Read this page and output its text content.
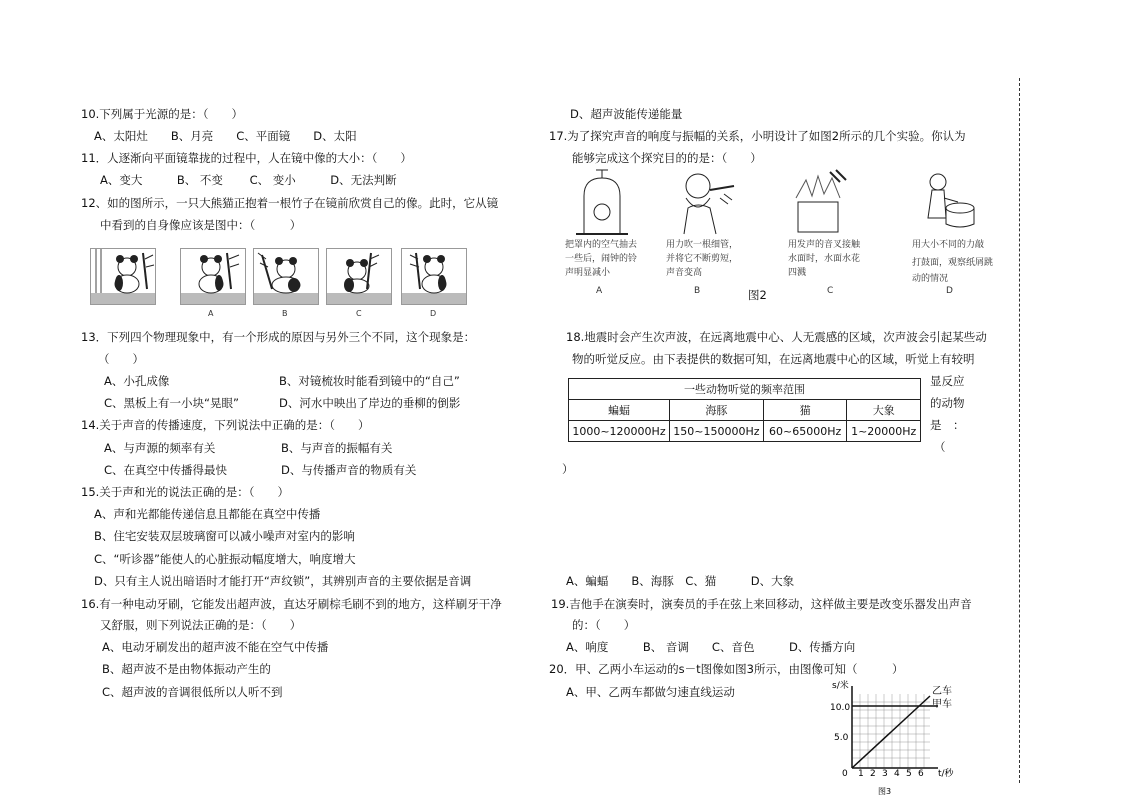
10.下列属于光源的是：（　　）
A、太阳灶　　B、月亮　　C、平面镜　　D、太阳
11．人逐渐向平面镜靠拢的过程中，人在镜中像的大小：（　　）
A、变大　　　B、 不变　　 C、 变小　　　D、无法判断
12、如的图所示，一只大熊猫正抱着一根竹子在镜前欣赏自己的像。此时，它从镜
中看到的自身像应该是图中：（　　　）
A	B	C	D
13．下列四个物理现象中，有一个形成的原因与另外三个不同，这个现象是：
（　　）
A、小孔成像	B、对镜梳妆时能看到镜中的“自己”
C、黑板上有一小块“晃眼”	D、河水中映出了岸边的垂柳的倒影
14.关于声音的传播速度，下列说法中正确的是：（　　）
A、与声源的频率有关	B、与声音的振幅有关
C、在真空中传播得最快	D、与传播声音的物质有关
15.关于声和光的说法正确的是：（　　）
A、声和光都能传递信息且都能在真空中传播
B、住宅安装双层玻璃窗可以减小噪声对室内的影响
C、“听诊器”能使人的心脏振动幅度增大，响度增大
D、只有主人说出暗语时才能打开“声纹锁”，其辨别声音的主要依据是音调
16.有一种电动牙刷，它能发出超声波，直达牙刷棕毛刷不到的地方，这样刷牙干净
又舒服，则下列说法正确的是：（　　）
A、电动牙刷发出的超声波不能在空气中传播
B、超声波不是由物体振动产生的
C、超声波的音调很低所以人听不到
D、超声波能传递能量
17.为了探究声音的响度与振幅的关系，小明设计了如图2所示的几个实验。你认为
能够完成这个探究目的的是：（　　）
把罩内的空气抽去
一些后，闹钟的铃
声明显减小
用力吹一根细管，
并将它不断剪短，
声音变高
用发声的音叉接触
水面时，水面水花
四溅
用大小不同的力敲
打鼓面，观察纸屑跳
动的情况
A	B	C	D
图2
18.地震时会产生次声波，在远离地震中心、人无震感的区域，次声波会引起某些动
物的听觉反应。由下表提供的数据可知，在远离地震中心的区域，听觉上有较明
显反应
的动物
是　：
（
）
一些动物听觉的频率范围			
蝙蝠	海豚	猫	大象
1000~120000Hz	150~150000Hz	60~65000Hz	1~20000Hz
A、蝙蝠　　B、海豚　C、猫　　　D、大象
19.吉他手在演奏时，演奏员的手在弦上来回移动，这样做主要是改变乐器发出声音
的：（　　）
A、响度　　　B、 音调　　C、音色　　　D、传播方向
20．甲、乙两小车运动的s－t图像如图3所示，由图像可知（　　　）
A、甲、乙两车都做匀速直线运动	s/米
10.0
5.0
0 1 2 3 4 5 6 t/秒
乙车
甲车
图3
